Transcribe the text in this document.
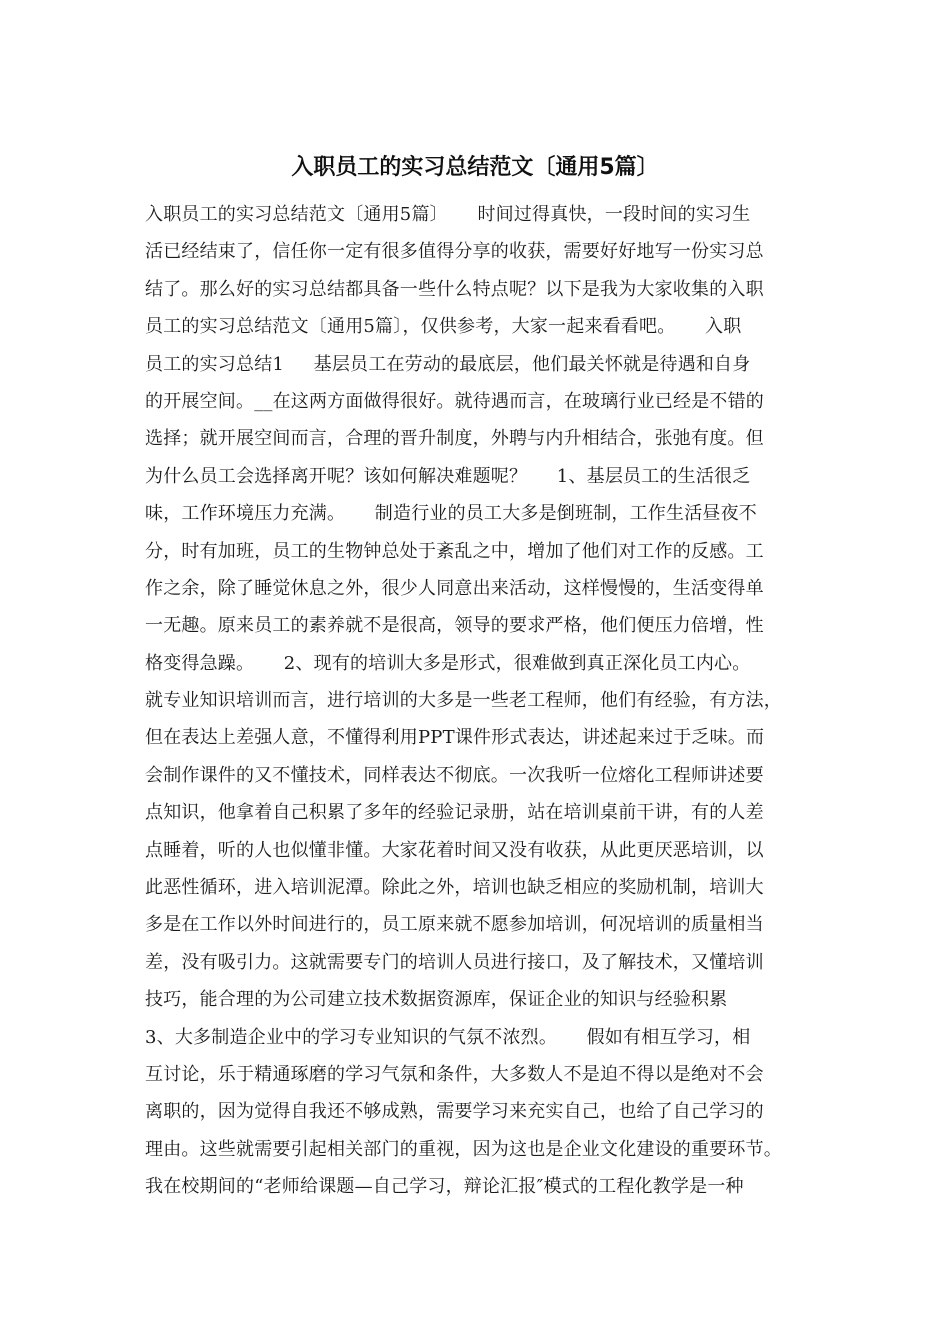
入职员工的实习总结范文〔通用5篇〕
入职员工的实习总结范文〔通用5篇〕     时间过得真快，一段时间的实习生
活已经结束了，信任你一定有很多值得分享的收获，需要好好地写一份实习总
结了。那么好的实习总结都具备一些什么特点呢？以下是我为大家收集的入职
员工的实习总结范文〔通用5篇〕，仅供参考，大家一起来看看吧。     入职
员工的实习总结1     基层员工在劳动的最底层，他们最关怀就是待遇和自身
的开展空间。__在这两方面做得很好。就待遇而言，在玻璃行业已经是不错的
选择；就开展空间而言，合理的晋升制度，外聘与内升相结合，张弛有度。但
为什么员工会选择离开呢？该如何解决难题呢？     1、基层员工的生活很乏
味，工作环境压力充满。     制造行业的员工大多是倒班制，工作生活昼夜不
分，时有加班，员工的生物钟总处于紊乱之中，增加了他们对工作的反感。工
作之余，除了睡觉休息之外，很少人同意出来活动，这样慢慢的，生活变得单
一无趣。原来员工的素养就不是很高，领导的要求严格，他们便压力倍增，性
格变得急躁。     2、现有的培训大多是形式，很难做到真正深化员工内心。
就专业知识培训而言，进行培训的大多是一些老工程师，他们有经验，有方法，
但在表达上差强人意，不懂得利用PPT课件形式表达，讲述起来过于乏味。而
会制作课件的又不懂技术，同样表达不彻底。一次我听一位熔化工程师讲述要
点知识，他拿着自己积累了多年的经验记录册，站在培训桌前干讲，有的人差
点睡着，听的人也似懂非懂。大家花着时间又没有收获，从此更厌恶培训，以
此恶性循环，进入培训泥潭。除此之外，培训也缺乏相应的奖励机制，培训大
多是在工作以外时间进行的，员工原来就不愿参加培训，何况培训的质量相当
差，没有吸引力。这就需要专门的培训人员进行接口，及了解技术，又懂培训
技巧，能合理的为公司建立技术数据资源库，保证企业的知识与经验积累
3、大多制造企业中的学习专业知识的气氛不浓烈。     假如有相互学习，相
互讨论，乐于精通琢磨的学习气氛和条件，大多数人不是迫不得以是绝对不会
离职的，因为觉得自我还不够成熟，需要学习来充实自己，也给了自己学习的
理由。这些就需要引起相关部门的重视，因为这也是企业文化建设的重要环节。
我在校期间的“老师给课题—自己学习，辩论汇报″模式的工程化教学是一种
